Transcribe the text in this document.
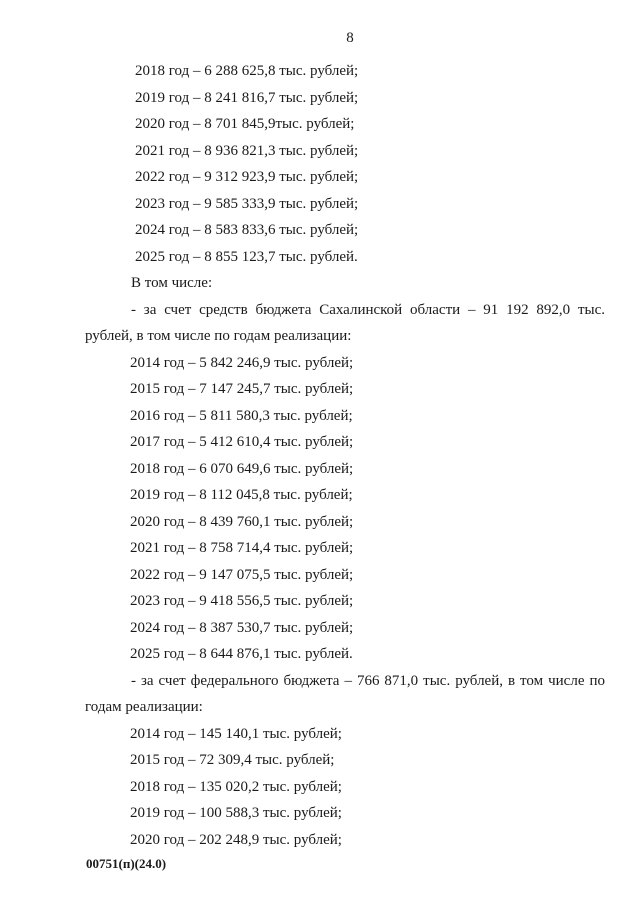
8
2018 год – 6 288 625,8 тыс. рублей;
2019 год – 8 241 816,7 тыс. рублей;
2020 год – 8 701 845,9тыс. рублей;
2021 год – 8 936 821,3 тыс. рублей;
2022 год – 9 312 923,9 тыс. рублей;
2023 год – 9 585 333,9 тыс. рублей;
2024 год – 8 583 833,6 тыс. рублей;
2025 год – 8 855 123,7 тыс. рублей.
В том числе:
- за счет средств бюджета Сахалинской области – 91 192 892,0 тыс.
рублей, в том числе по годам реализации:
2014 год – 5 842 246,9 тыс. рублей;
2015 год – 7 147 245,7 тыс. рублей;
2016 год – 5 811 580,3 тыс. рублей;
2017 год – 5 412 610,4 тыс. рублей;
2018 год – 6 070 649,6 тыс. рублей;
2019 год – 8 112 045,8 тыс. рублей;
2020 год – 8 439 760,1 тыс. рублей;
2021 год – 8 758 714,4 тыс. рублей;
2022 год – 9 147 075,5 тыс. рублей;
2023 год – 9 418 556,5 тыс. рублей;
2024 год – 8 387 530,7 тыс. рублей;
2025 год – 8 644 876,1 тыс. рублей.
- за счет федерального бюджета – 766 871,0 тыс. рублей, в том числе по
годам реализации:
2014 год – 145 140,1 тыс. рублей;
2015 год – 72 309,4 тыс. рублей;
2018 год – 135 020,2 тыс. рублей;
2019 год – 100 588,3 тыс. рублей;
2020 год – 202 248,9 тыс. рублей;
00751(п)(24.0)
